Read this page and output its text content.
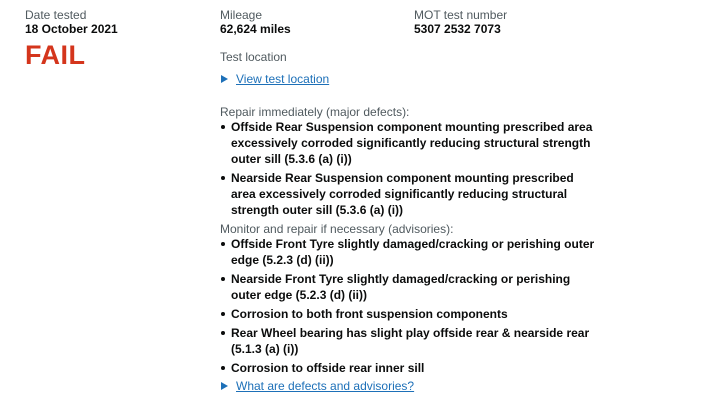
Date tested
18 October 2021
FAIL
Mileage
62,624 miles
MOT test number
5307 2532 7073
Test location
View test location
Repair immediately (major defects):
Offside Rear Suspension component mounting prescribed area excessively corroded significantly reducing structural strength outer sill (5.3.6 (a) (i))
Nearside Rear Suspension component mounting prescribed area excessively corroded significantly reducing structural strength outer sill (5.3.6 (a) (i))
Monitor and repair if necessary (advisories):
Offside Front Tyre slightly damaged/cracking or perishing outer edge (5.2.3 (d) (ii))
Nearside Front Tyre slightly damaged/cracking or perishing outer edge (5.2.3 (d) (ii))
Corrosion to both front suspension components
Rear Wheel bearing has slight play offside rear & nearside rear (5.1.3 (a) (i))
Corrosion to offside rear inner sill
What are defects and advisories?
